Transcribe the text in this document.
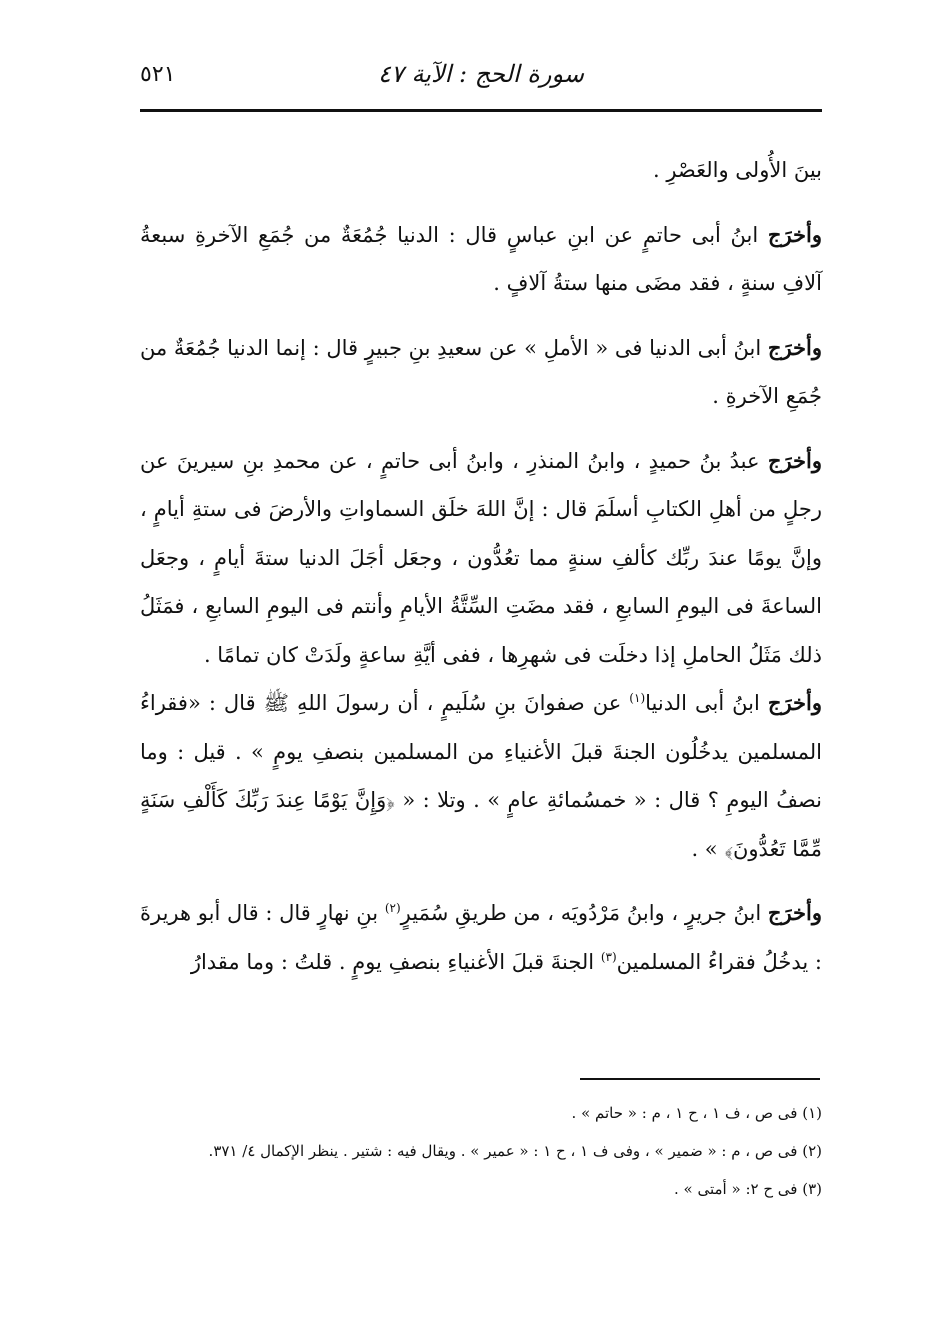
سورة الحج : الآية ٤٧
٥٢١

بينَ الأُولى والعَصْرِ .

وأخرَج ابنُ أبى حاتمٍ عن ابنِ عباسٍ قال : الدنيا جُمُعَةٌ من جُمَعِ الآخرةِ سبعةُ آلافِ سنةٍ ، فقد مضَى منها ستةُ آلافٍ .

وأخرَج ابنُ أبى الدنيا فى « الأملِ » عن سعيدِ بنِ جبيرٍ قال : إنما الدنيا جُمُعَةٌ من جُمَعِ الآخرةِ .

وأخرَج عبدُ بنُ حميدٍ ، وابنُ المنذرِ ، وابنُ أبى حاتمٍ ، عن محمدِ بنِ سيرينَ عن رجلٍ من أهلِ الكتابِ أسلَمَ قال : إنَّ اللهَ خلَق السماواتِ والأرضَ فى ستةِ أيامٍ ، وإنَّ يومًا عندَ ربِّك كألفِ سنةٍ مما تعُدُّون ، وجعَل أجَلَ الدنيا ستةَ أيامٍ ، وجعَل الساعةَ فى اليومِ السابعِ ، فقد مضَتِ السِّتَّةُ الأيامِ وأنتم فى اليومِ السابعِ ، فمَثَلُ ذلك مَثَلُ الحاملِ إذا دخلَت فى شهرِها ، ففى أيَّةِ ساعةٍ ولَدَتْ كان تمامًا .

وأخرَج ابنُ أبى الدنيا$^{(١)}$ عن صفوانَ بنِ سُلَيمٍ ، أن رسولَ اللهِ ﷺ قال : «فقراءُ المسلمين يدخُلُون الجنةَ قبلَ الأغنياءِ من المسلمين بنصفِ يومٍ » . قيل : وما نصفُ اليومِ ؟ قال : « خمسُمائةِ عامٍ » . وتلا : « ﴿وَإِنَّ يَوْمًا عِندَ رَبِّكَ كَأَلْفِ سَنَةٍ مِّمَّا تَعُدُّونَ﴾ » .

وأخرَج ابنُ جريرٍ ، وابنُ مَرْدُويَه ، من طريقِ سُمَيرٍ$^{(٢)}$ بنِ نهارٍ قال : قال أبو هريرةَ : يدخُلُ فقراءُ المسلمين$^{(٣)}$ الجنةَ قبلَ الأغنياءِ بنصفِ يومٍ . قلتُ : وما مقدارُ

(١) فى ص ، ف ١ ، ح ١ ، م : « حاتم » .

(٢) فى ص ، م : « ضمير » ، وفى ف ١ ، ح ١ : « عمير » . ويقال فيه : شتير . ينظر الإكمال ٤/ ٣٧١.

(٣) فى ح ٢: « أمتى » .
